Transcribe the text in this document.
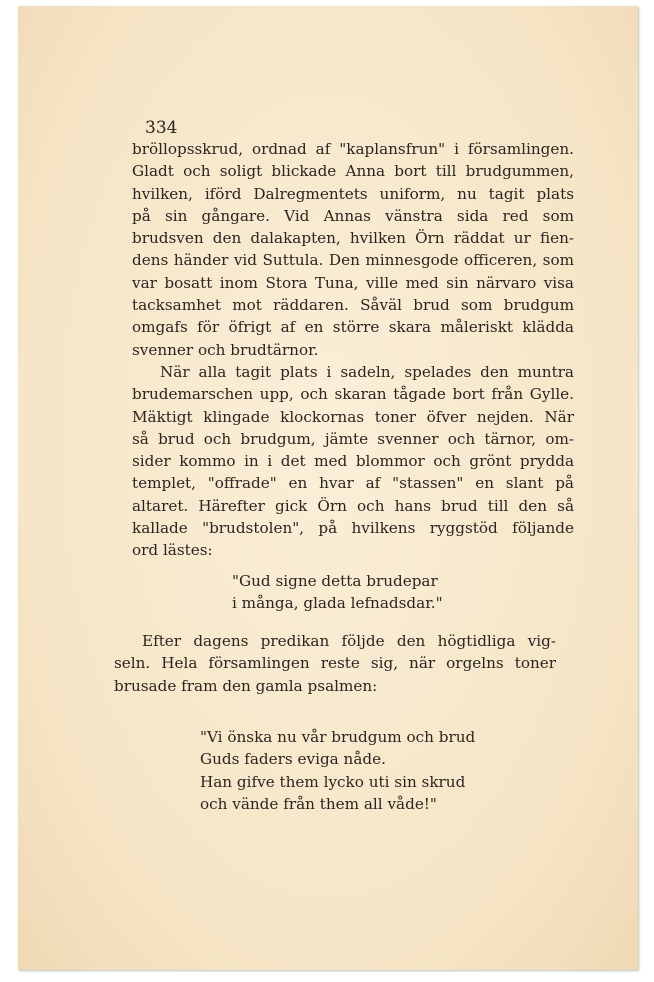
334
bröllopsskrud, ordnad af "kaplansfrun" i församlingen.
Gladt och soligt blickade Anna bort till brudgummen,
hvilken, iförd Dalregmentets uniform, nu tagit plats
på sin gångare. Vid Annas vänstra sida red som
brudsven den dalakapten, hvilken Örn räddat ur fien-
dens händer vid Suttula. Den minnesgode officeren, som
var bosatt inom Stora Tuna, ville med sin närvaro visa
tacksamhet mot räddaren. Såväl brud som brudgum
omgafs för öfrigt af en större skara måleriskt klädda
svenner och brudtärnor.
När alla tagit plats i sadeln, spelades den muntra
brudemarschen upp, och skaran tågade bort från Gylle.
Mäktigt klingade klockornas toner öfver nejden. När
så brud och brudgum, jämte svenner och tärnor, om-
sider kommo in i det med blommor och grönt prydda
templet, "offrade" en hvar af "stassen" en slant på
altaret. Härefter gick Örn och hans brud till den så
kallade "brudstolen", på hvilkens ryggstöd följande
ord lästes:
"Gud signe detta brudepar
i många, glada lefnadsdar."
Efter dagens predikan följde den högtidliga vig-
seln. Hela församlingen reste sig, när orgelns toner
brusade fram den gamla psalmen:
"Vi önska nu vår brudgum och brud
Guds faders eviga nåde.
Han gifve them lycko uti sin skrud
och vände från them all våde!"
